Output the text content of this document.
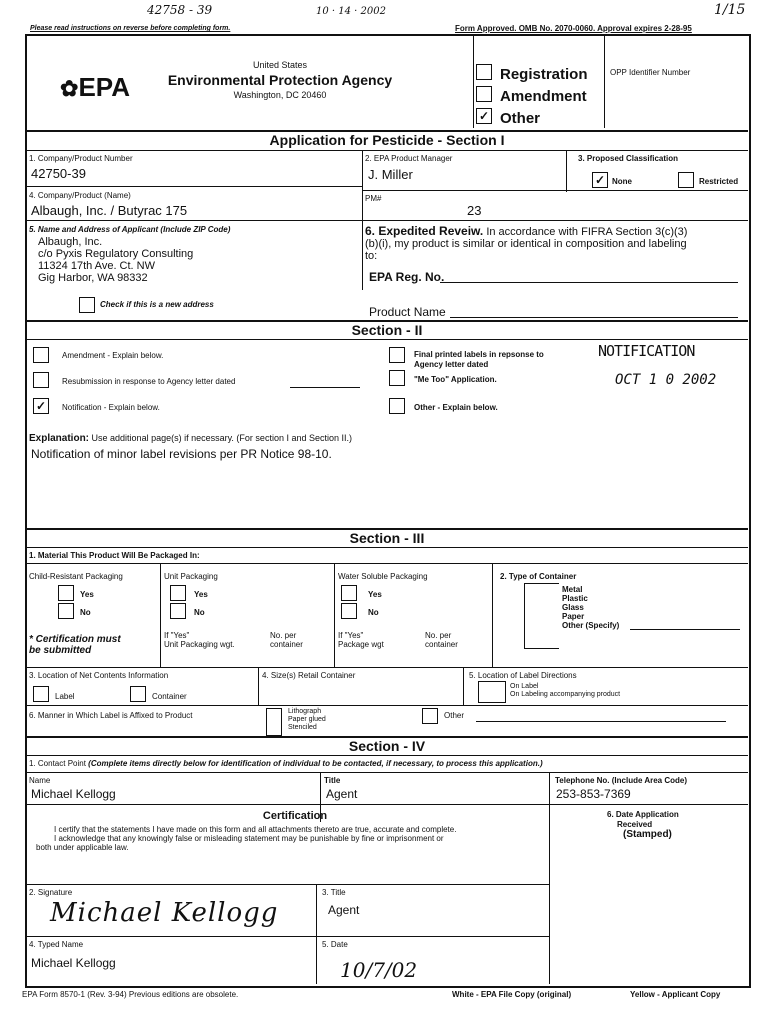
42758 - 39	10 · 14 · 2002	1/15
Please read instructions on reverse before completing form.	Form Approved. OMB No. 2070-0060. Approval expires 2-28-95
✿EPA
United States
Environmental Protection Agency
Washington, DC 20460
✓
Registration
Amendment
Other
OPP Identifier Number
Application for Pesticide - Section I
1. Company/Product Number
42750-39
2. EPA Product Manager
J. Miller
3. Proposed Classification
✓ None	Restricted
4. Company/Product (Name)
Albaugh, Inc. / Butyrac 175
PM#
23
5. Name and Address of Applicant (Include ZIP Code)
Albaugh, Inc.
c/o Pyxis Regulatory Consulting
11324 17th Ave. Ct. NW
Gig Harbor, WA 98332
Check if this is a new address
6. Expedited Reveiw. In accordance with FIFRA Section 3(c)(3)
(b)(i), my product is similar or identical in composition and labeling
to:
EPA Reg. No.
Product Name
Section - II
Amendment - Explain below.
Resubmission in response to Agency letter dated
✓	Notification - Explain below.
Final printed labels in repsonse to
Agency letter dated
"Me Too" Application.
Other - Explain below.
NOTIFICATION
OCT 1 0 2002
Explanation: Use additional page(s) if necessary. (For section I and Section II.)
Notification of minor label revisions per PR Notice 98-10.
Section - III
1. Material This Product Will Be Packaged In:
Child-Resistant Packaging
Yes
No
* Certification must
be submitted
Unit Packaging
Yes
No
If "Yes"
Unit Packaging wgt.
No. per
container
Water Soluble Packaging
Yes
No
If "Yes"
Package wgt
No. per
container
2. Type of Container
Metal
Plastic
Glass
Paper
Other (Specify)
3. Location of Net Contents Information
Label	Container
4. Size(s) Retail Container	5. Location of Label Directions
On Label
On Labeling accompanying product
6. Manner in Which Label is Affixed to Product	Lithograph
Paper glued
Stenciled
Other
Section - IV
1. Contact Point (Complete items directly below for identification of individual to be contacted, if necessary, to process this application.)
Name
Michael Kellogg
Title
Agent
Telephone No. (Include Area Code)
253-853-7369
Certification
I certify that the statements I have made on this form and all attachments thereto are true, accurate and complete.
I acknowledge that any knowingly false or misleading statement may be punishable by fine or imprisonment or
both under applicable law.
6. Date Application
Received
(Stamped)
2. Signature
Michael Kellogg
3. Title
Agent
4. Typed Name
Michael Kellogg
5. Date
10/7/02
EPA Form 8570-1 (Rev. 3-94) Previous editions are obsolete.	White - EPA File Copy (original)	Yellow - Applicant Copy
